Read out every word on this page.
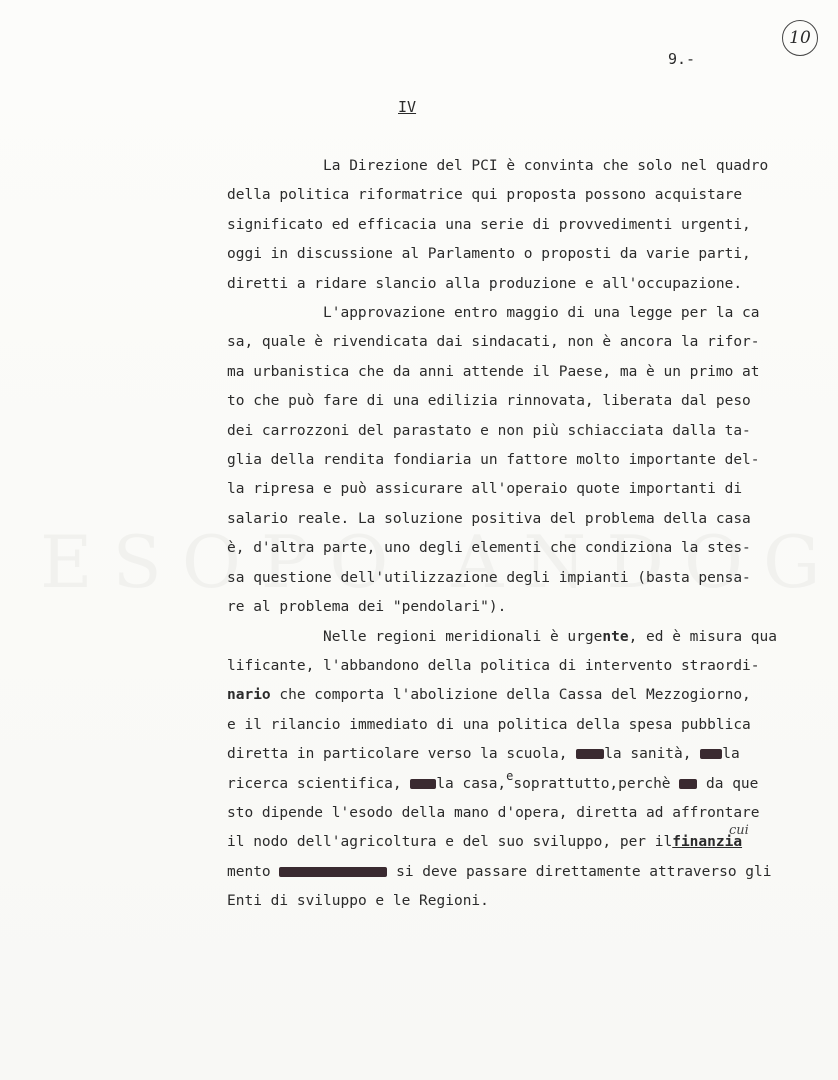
9.-
10
IV
La Direzione del PCI è convinta che solo nel quadro
della politica riformatrice qui proposta possono acquistare
significato ed efficacia una serie di provvedimenti urgenti,
oggi in discussione al Parlamento o proposti da varie parti,
diretti a ridare slancio alla produzione e all'occupazione.
L'approvazione entro maggio di una legge per la ca
sa, quale è rivendicata dai sindacati, non è ancora la rifor-
ma urbanistica che da anni attende il Paese, ma è un primo at
to che può fare di una edilizia rinnovata, liberata dal peso
dei carrozzoni del parastato e non più schiacciata dalla ta-
glia della rendita fondiaria un fattore molto importante del-
la ripresa e può assicurare all'operaio quote importanti di
salario reale. La soluzione positiva del problema della casa
è, d'altra parte, uno degli elementi che condiziona la stes-
sa questione dell'utilizzazione degli impianti (basta pensa-
re al problema dei "pendolari").
Nelle regioni meridionali è urgente, ed è misura qua
lificante, l'abbandono della politica di intervento straordi-
nario che comporta l'abolizione della Cassa del Mezzogiorno,
e il rilancio immediato di una politica della spesa pubblica
diretta in particolare verso la scuola, la sanità, la
ricerca scientifica, la casa,$^e$soprattutto,perchè  da que
sto dipende l'esodo della mano d'opera, diretta ad affrontare
il nodo dell'agricoltura e del suo sviluppo, per ilfinanzia
cui
mento	si deve passare direttamente attraverso gli
Enti di sviluppo e le Regioni.
